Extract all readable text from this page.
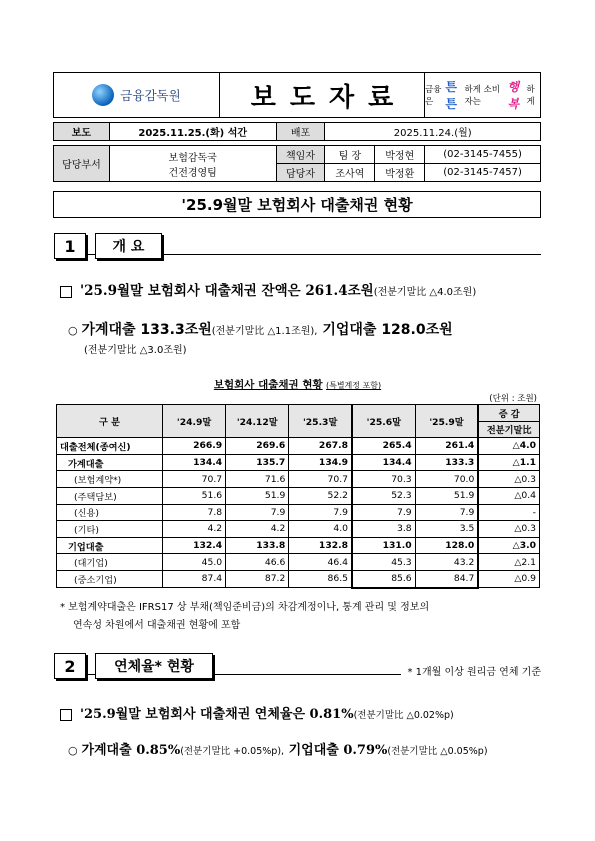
금융감독원	보도자료 금융은
튼튼
하게 소비자는
행복
하게
보도	2025.11.25.(화) 석간	배포	2025.11.24.(월)		

담당부서	보험감독국
건전경영팀	책임자	팀 장	박정현	(02-3145-7455)
		담당자	조사역	박정환	(02-3145-7457)
'25.9월말 보험회사 대출채권 현황
1	개 요
'25.9월말 보험회사 대출채권 잔액은 261.4조원(전분기말比 △4.0조원)
○ 가계대출 133.3조원(전분기말比 △1.1조원), 기업대출 128.0조원
(전분기말比 △3.0조원)
보험회사 대출채권 현황 (특별계정 포함)
(단위 : 조원)
구 분	'24.9말	'24.12말	'25.3말	'25.6말	'25.9말	증 감
						전분기말比
대출전체(종여신)	266.9	269.6	267.8	265.4	261.4	△4.0
가계대출	134.4	135.7	134.9	134.4	133.3	△1.1
(보험계약*)	70.7	71.6	70.7	70.3	70.0	△0.3
(주택담보)	51.6	51.9	52.2	52.3	51.9	△0.4
(신용)	7.8	7.9	7.9	7.9	7.9	-
(기타)	4.2	4.2	4.0	3.8	3.5	△0.3
기업대출	132.4	133.8	132.8	131.0	128.0	△3.0
(대기업)	45.0	46.6	46.4	45.3	43.2	△2.1
(중소기업)	87.4	87.2	86.5	85.6	84.7	△0.9
* 보험계약대출은 IFRS17 상 부채(책임준비금)의 차감계정이나, 통계 관리 및 정보의
연속성 차원에서 대출채권 현황에 포함
2	연체율* 현황	* 1개월 이상 원리금 연체 기준
'25.9월말 보험회사 대출채권 연체율은 0.81%(전분기말比 △0.02%p)
○ 가계대출 0.85%(전분기말比 +0.05%p), 기업대출 0.79%(전분기말比 △0.05%p)
